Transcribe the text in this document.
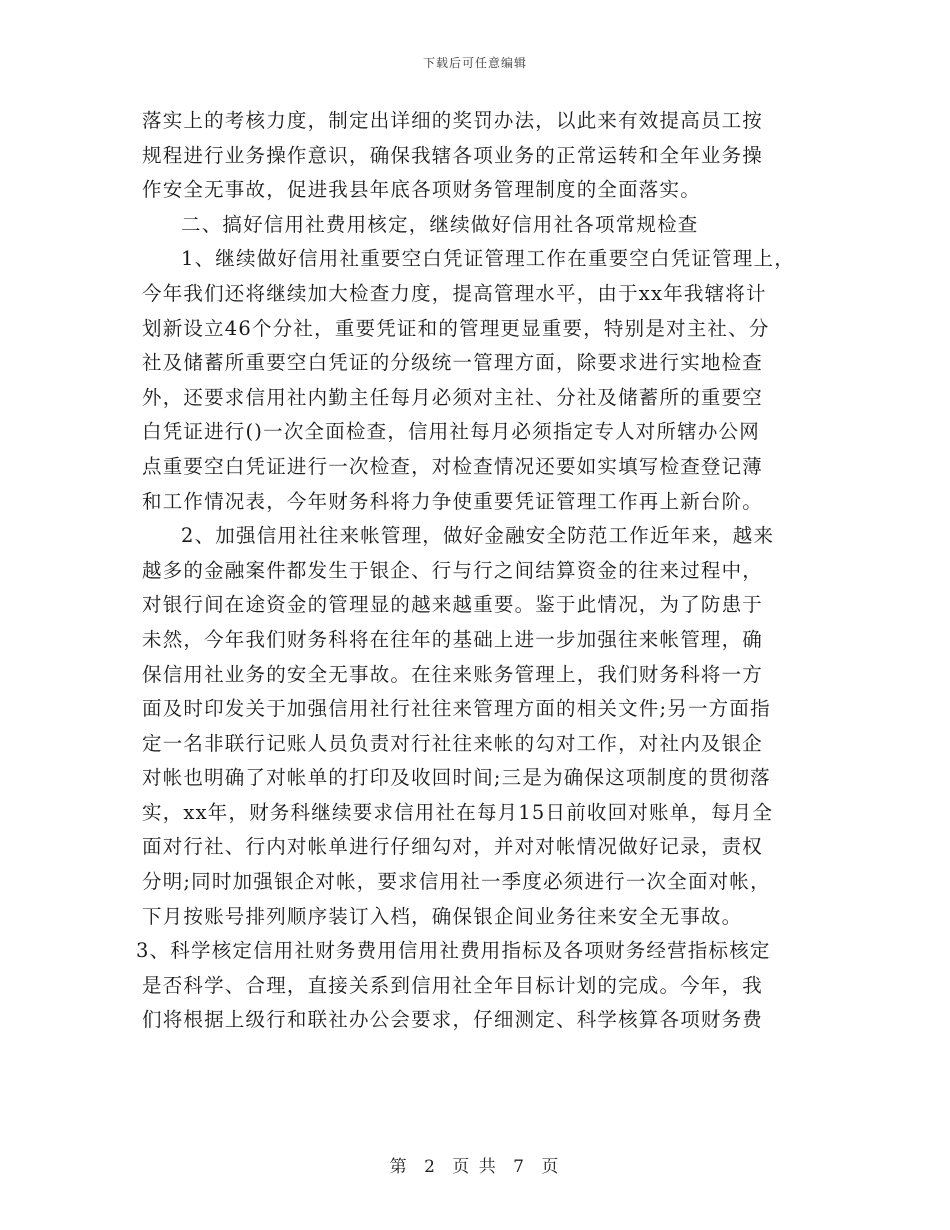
下载后可任意编辑
落实上的考核力度，制定出详细的奖罚办法，以此来有效提高员工按
规程进行业务操作意识，确保我辖各项业务的正常运转和全年业务操
作安全无事故，促进我县年底各项财务管理制度的全面落实。
二、搞好信用社费用核定，继续做好信用社各项常规检查
1、继续做好信用社重要空白凭证管理工作在重要空白凭证管理上，
今年我们还将继续加大检查力度，提高管理水平，由于xx年我辖将计
划新设立46个分社，重要凭证和的管理更显重要，特别是对主社、分
社及储蓄所重要空白凭证的分级统一管理方面，除要求进行实地检查
外，还要求信用社内勤主任每月必须对主社、分社及储蓄所的重要空
白凭证进行()一次全面检查，信用社每月必须指定专人对所辖办公网
点重要空白凭证进行一次检查，对检查情况还要如实填写检查登记薄
和工作情况表，今年财务科将力争使重要凭证管理工作再上新台阶。
2、加强信用社往来帐管理，做好金融安全防范工作近年来，越来
越多的金融案件都发生于银企、行与行之间结算资金的往来过程中，
对银行间在途资金的管理显的越来越重要。鉴于此情况，为了防患于
未然，今年我们财务科将在往年的基础上进一步加强往来帐管理，确
保信用社业务的安全无事故。在往来账务管理上，我们财务科将一方
面及时印发关于加强信用社行社往来管理方面的相关文件;另一方面指
定一名非联行记账人员负责对行社往来帐的勾对工作，对社内及银企
对帐也明确了对帐单的打印及收回时间;三是为确保这项制度的贯彻落
实，xx年，财务科继续要求信用社在每月15日前收回对账单，每月全
面对行社、行内对帐单进行仔细勾对，并对对帐情况做好记录，责权
分明;同时加强银企对帐，要求信用社一季度必须进行一次全面对帐，
下月按账号排列顺序装订入档，确保银企间业务往来安全无事故。
3、科学核定信用社财务费用信用社费用指标及各项财务经营指标核定
是否科学、合理，直接关系到信用社全年目标计划的完成。今年，我
们将根据上级行和联社办公会要求，仔细测定、科学核算各项财务费
第 2 页 共 7 页
